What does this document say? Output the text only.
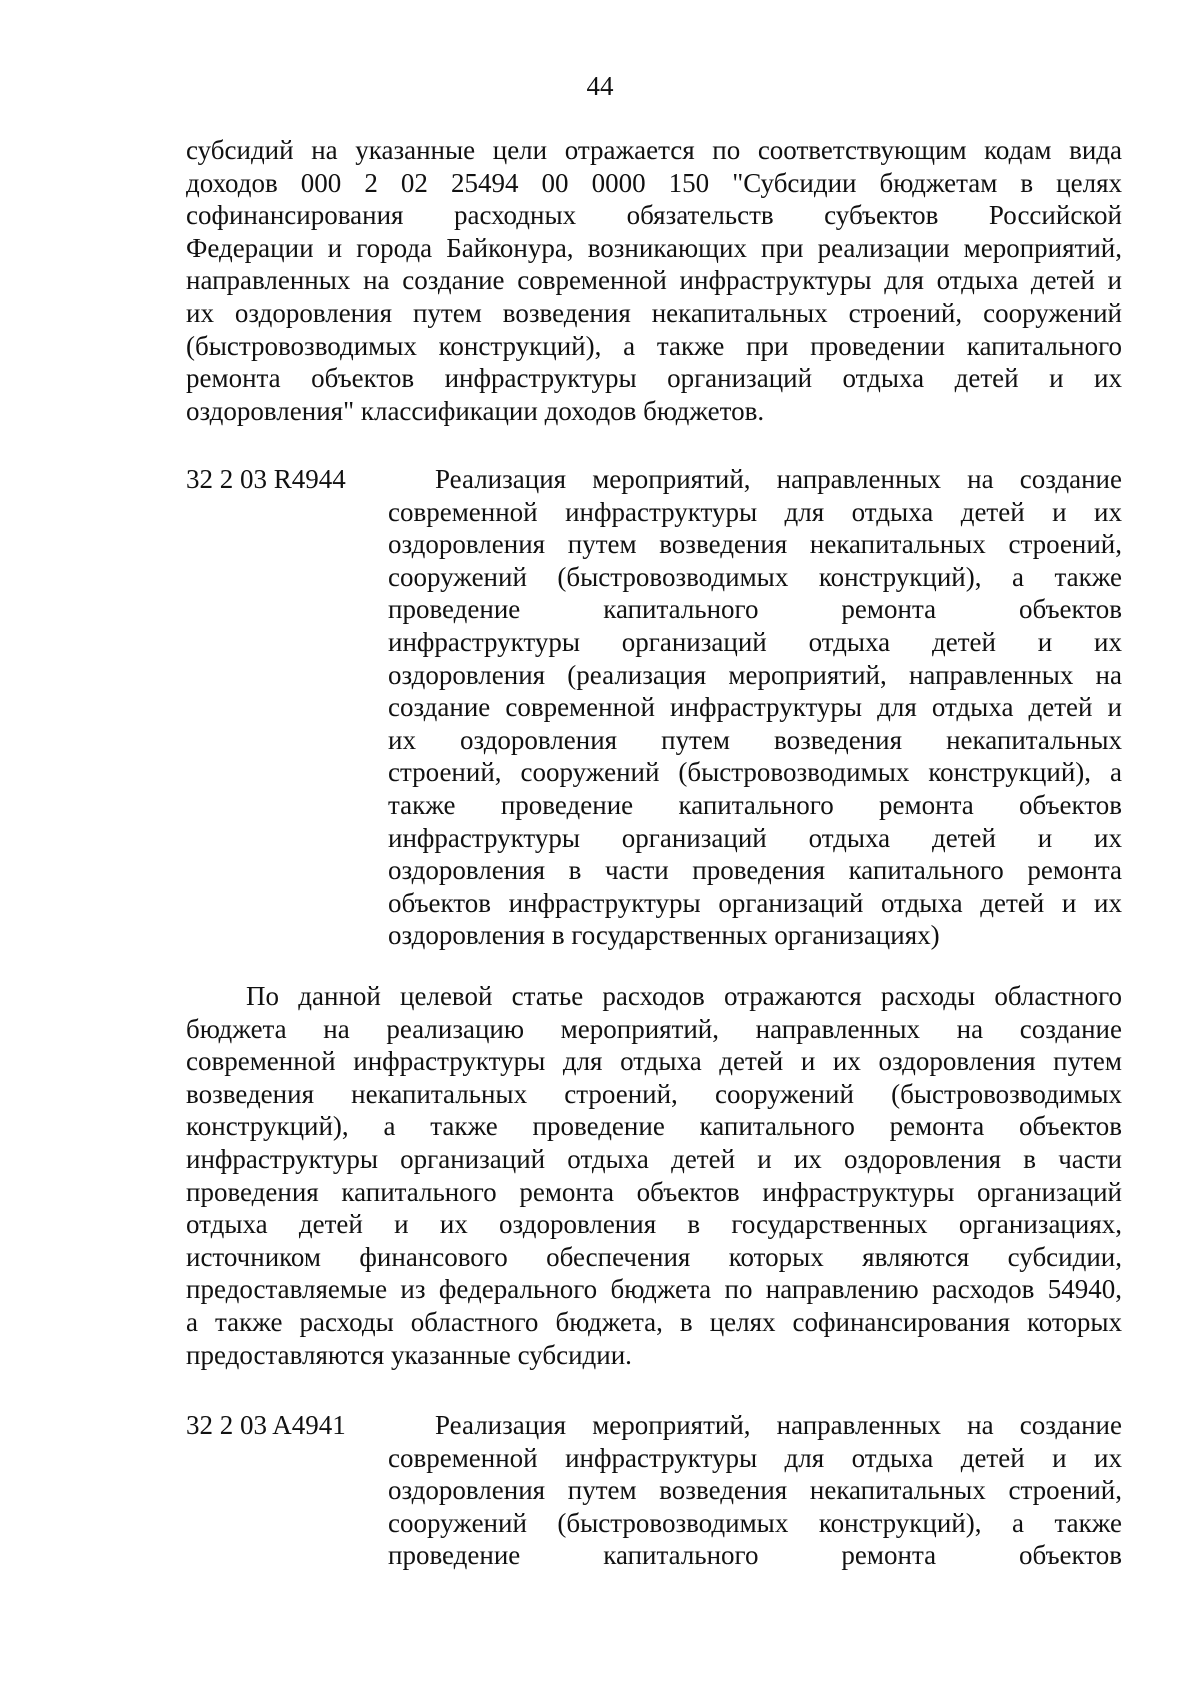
44
субсидий на указанные цели отражается по соответствующим кодам вида
доходов 000 2 02 25494 00 0000 150 "Субсидии бюджетам в целях
софинансирования расходных обязательств субъектов Российской
Федерации и города Байконура, возникающих при реализации мероприятий,
направленных на создание современной инфраструктуры для отдыха детей и
их оздоровления путем возведения некапитальных строений, сооружений
(быстровозводимых конструкций), а также при проведении капитального
ремонта объектов инфраструктуры организаций отдыха детей и их
оздоровления" классификации доходов бюджетов.
32 2 03 R4944	Реализация мероприятий, направленных на создание
современной инфраструктуры для отдыха детей и их
оздоровления путем возведения некапитальных строений,
сооружений (быстровозводимых конструкций), а также
проведение капитального ремонта объектов
инфраструктуры организаций отдыха детей и их
оздоровления (реализация мероприятий, направленных на
создание современной инфраструктуры для отдыха детей и
их оздоровления путем возведения некапитальных
строений, сооружений (быстровозводимых конструкций), а
также проведение капитального ремонта объектов
инфраструктуры организаций отдыха детей и их
оздоровления в части проведения капитального ремонта
объектов инфраструктуры организаций отдыха детей и их
оздоровления в государственных организациях)
По данной целевой статье расходов отражаются расходы областного
бюджета на реализацию мероприятий, направленных на создание
современной инфраструктуры для отдыха детей и их оздоровления путем
возведения некапитальных строений, сооружений (быстровозводимых
конструкций), а также проведение капитального ремонта объектов
инфраструктуры организаций отдыха детей и их оздоровления в части
проведения капитального ремонта объектов инфраструктуры организаций
отдыха детей и их оздоровления в государственных организациях,
источником финансового обеспечения которых являются субсидии,
предоставляемые из федерального бюджета по направлению расходов 54940,
а также расходы областного бюджета, в целях софинансирования которых
предоставляются указанные субсидии.
32 2 03 A4941	Реализация мероприятий, направленных на создание
современной инфраструктуры для отдыха детей и их
оздоровления путем возведения некапитальных строений,
сооружений (быстровозводимых конструкций), а также
проведение капитального ремонта объектов
